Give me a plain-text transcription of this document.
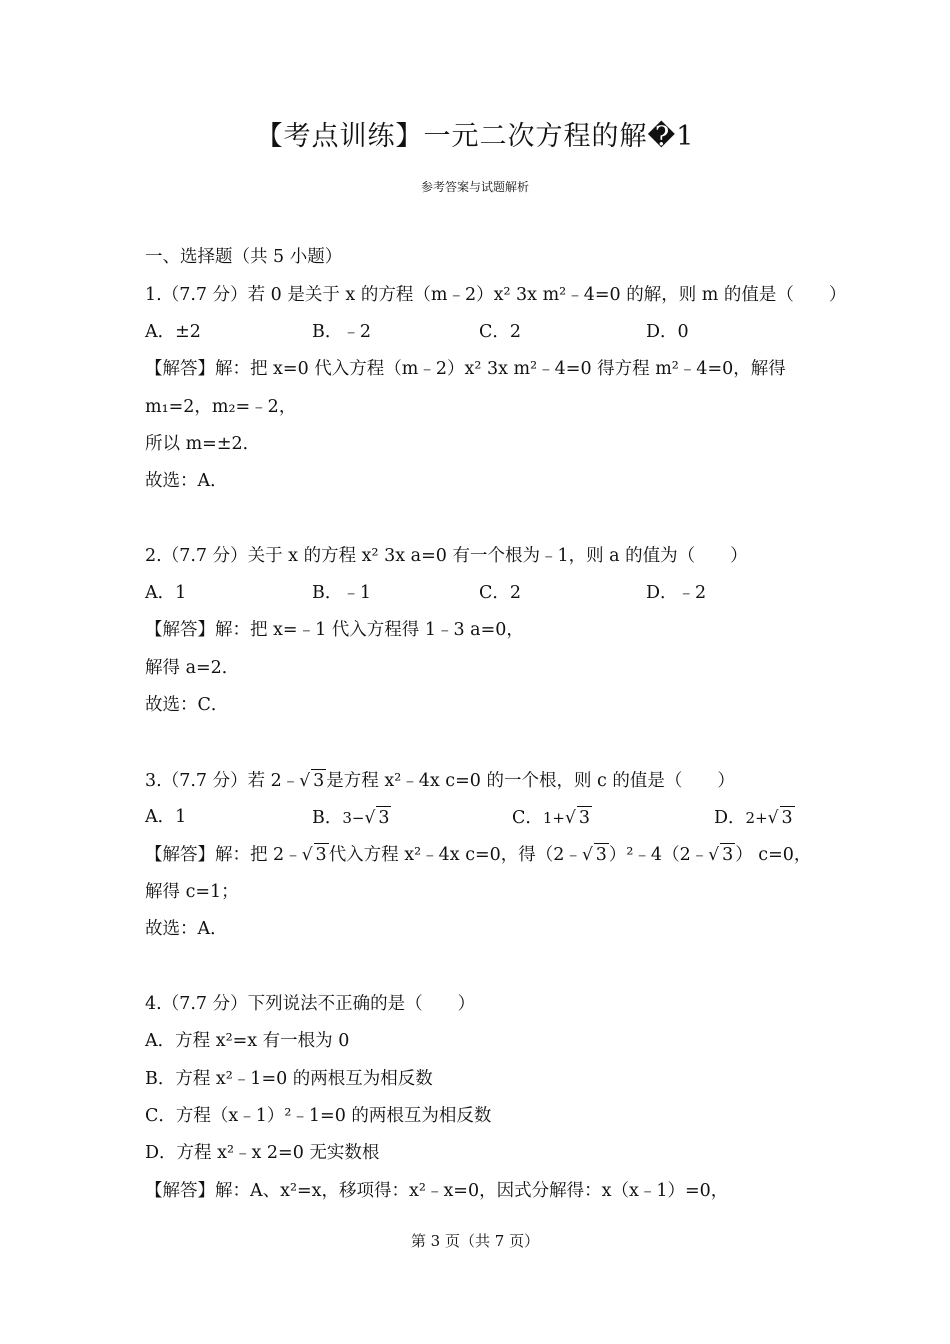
【考点训练】一元二次方程的解�1
参考答案与试题解析
一、选择题（共 5 小题）
1.（7.7 分）若 0 是关于 x 的方程（m﹣2）x² 3x m²﹣4=0 的解，则 m 的值是（　　）
A．±2	B．﹣2	C．2	D．0
【解答】解：把 x=0 代入方程（m﹣2）x² 3x m²﹣4=0 得方程 m²﹣4=0，解得
m₁=2，m₂=﹣2，
所以 m=±2．
故选：A．
2.（7.7 分）关于 x 的方程 x² 3x a=0 有一个根为﹣1，则 a 的值为（　　）
A．1	B．﹣1	C．2	D．﹣2
【解答】解：把 x=﹣1 代入方程得 1﹣3 a=0，
解得 a=2．
故选：C．
3.（7.7 分）若 2﹣√ 3 是方程 x²﹣4x c=0 的一个根，则 c 的值是（　　）
A．1	B．3−√ 3	C．1+√ 3	D．2+√ 3
【解答】解：把 2﹣√ 3 代入方程 x²﹣4x c=0，得（2﹣√ 3 ）²﹣4（2﹣√ 3 ） c=0，
解得 c=1；
故选：A．
4.（7.7 分）下列说法不正确的是（　　）
A．方程 x²=x 有一根为 0
B．方程 x²﹣1=0 的两根互为相反数
C．方程（x﹣1）²﹣1=0 的两根互为相反数
D．方程 x²﹣x 2=0 无实数根
【解答】解：A、x²=x，移项得：x²﹣x=0，因式分解得：x（x﹣1）=0，
第 3 页（共 7 页）
